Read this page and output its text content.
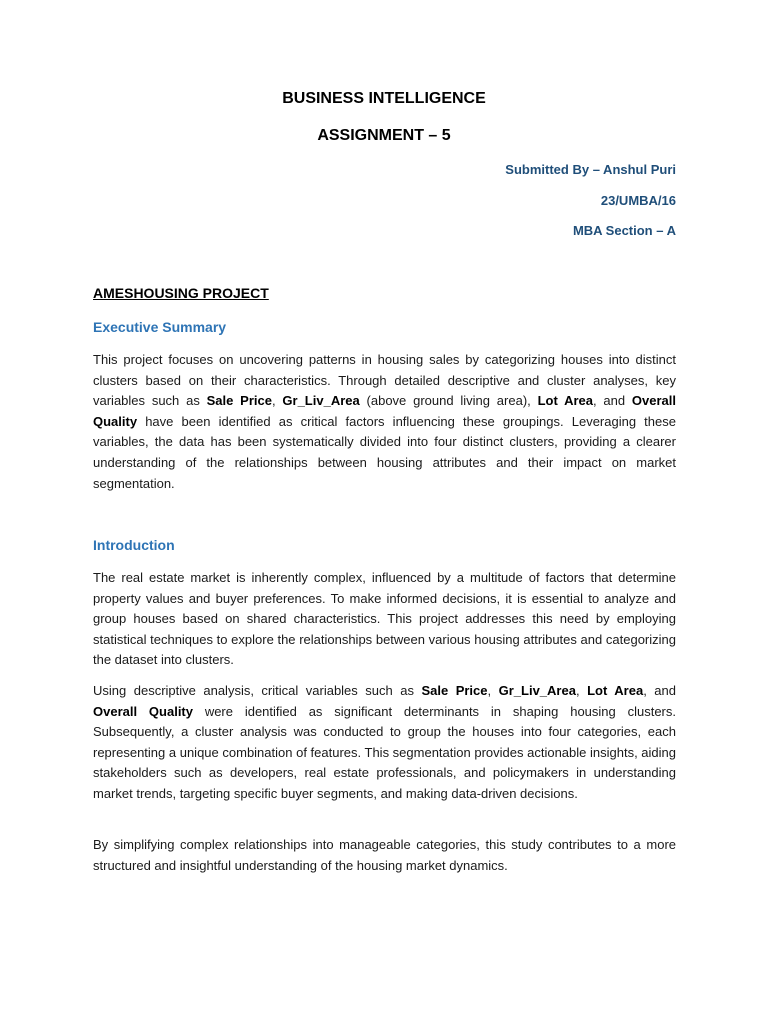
BUSINESS INTELLIGENCE
ASSIGNMENT – 5
Submitted By – Anshul Puri
23/UMBA/16
MBA Section – A
AMESHOUSING PROJECT
Executive Summary
This project focuses on uncovering patterns in housing sales by categorizing houses into distinct clusters based on their characteristics. Through detailed descriptive and cluster analyses, key variables such as Sale Price, Gr_Liv_Area (above ground living area), Lot Area, and Overall Quality have been identified as critical factors influencing these groupings. Leveraging these variables, the data has been systematically divided into four distinct clusters, providing a clearer understanding of the relationships between housing attributes and their impact on market segmentation.
Introduction
The real estate market is inherently complex, influenced by a multitude of factors that determine property values and buyer preferences. To make informed decisions, it is essential to analyze and group houses based on shared characteristics. This project addresses this need by employing statistical techniques to explore the relationships between various housing attributes and categorizing the dataset into clusters.
Using descriptive analysis, critical variables such as Sale Price, Gr_Liv_Area, Lot Area, and Overall Quality were identified as significant determinants in shaping housing clusters. Subsequently, a cluster analysis was conducted to group the houses into four categories, each representing a unique combination of features. This segmentation provides actionable insights, aiding stakeholders such as developers, real estate professionals, and policymakers in understanding market trends, targeting specific buyer segments, and making data-driven decisions.
By simplifying complex relationships into manageable categories, this study contributes to a more structured and insightful understanding of the housing market dynamics.
